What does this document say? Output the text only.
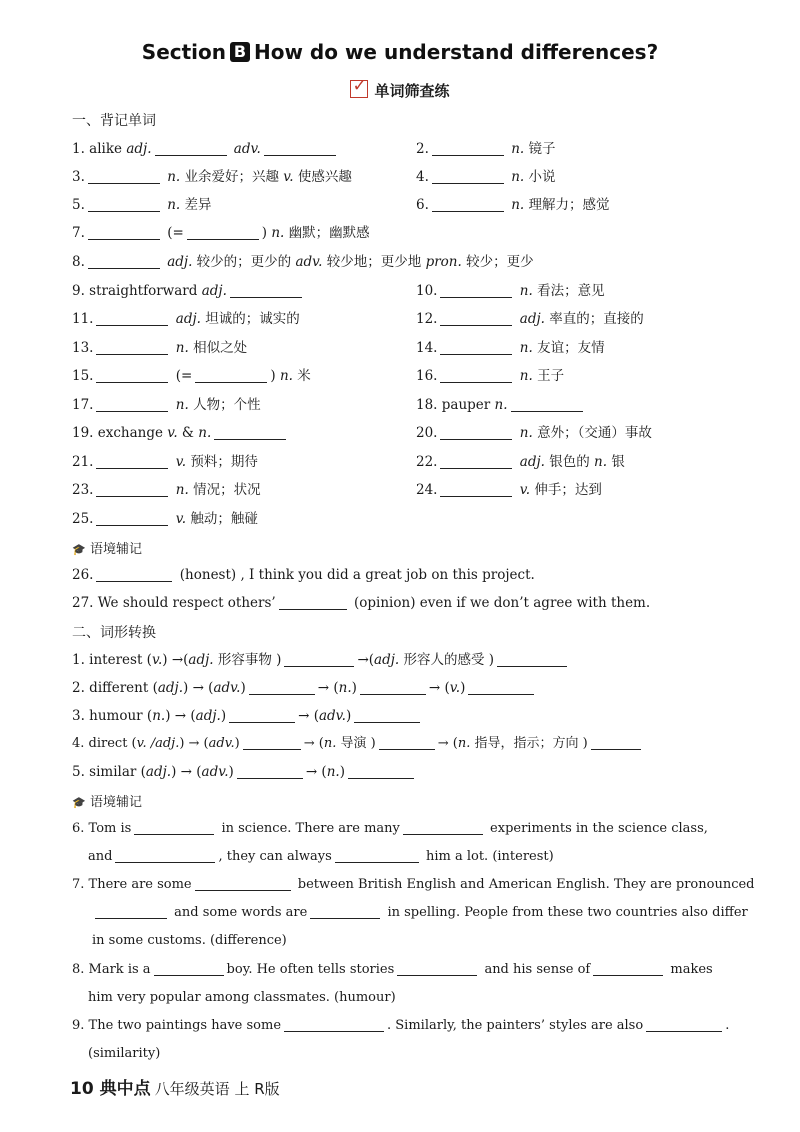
Section B How do we understand differences?
✓单词筛查练
一、背记单词
1. alike adj.	adv.	2.	n. 镜子
3.	n. 业余爱好；兴趣 v. 使感兴趣	4.	n. 小说
5.	n. 差异	6.	n. 理解力；感觉
7.	(=	) n. 幽默；幽默感
8.	adj. 较少的；更少的 adv. 较少地；更少地 pron. 较少；更少
9. straightforward adj.	10.	n. 看法；意见
11.	adj. 坦诚的；诚实的	12.	adj. 率直的；直接的
13.	n. 相似之处	14.	n. 友谊；友情
15.	(=	) n. 米	16.	n. 王子
17.	n. 人物；个性	18. pauper n.
19. exchange v. & n.	20.	n. 意外；（交通）事故
21.	v. 预料；期待	22.	adj. 银色的 n. 银
23.	n. 情况；状况	24.	v. 伸手；达到
25.	v. 触动；触碰
🎓 语境辅记
26.	(honest) , I think you did a great job on this project.
27. We should respect others’	(opinion) even if we don’t agree with them.
二、词形转换
1. interest (v.) →(adj. 形容事物 )	→(adj. 形容人的感受 )
2. different (adj.) → (adv.)	→ (n.)	→ (v.)
3. humour (n.) → (adj.)	→ (adv.)
4. direct (v. /adj.) → (adv.)	→ (n. 导演 )	→ (n. 指导，指示；方向 )
5. similar (adj.) → (adv.)	→ (n.)
🎓 语境辅记
6. Tom is	in science. There are many	experiments in the science class,
and	, they can always	him a lot. (interest)
7. There are some	between British English and American English. They are pronounced
and some words are	in spelling. People from these two countries also differ
in some customs. (difference)
8. Mark is a	boy. He often tells stories	and his sense of	makes
him very popular among classmates. (humour)
9. The two paintings have some	. Similarly, the painters’ styles are also	.
(similarity)
10 典中点 八年级英语 上 R版
